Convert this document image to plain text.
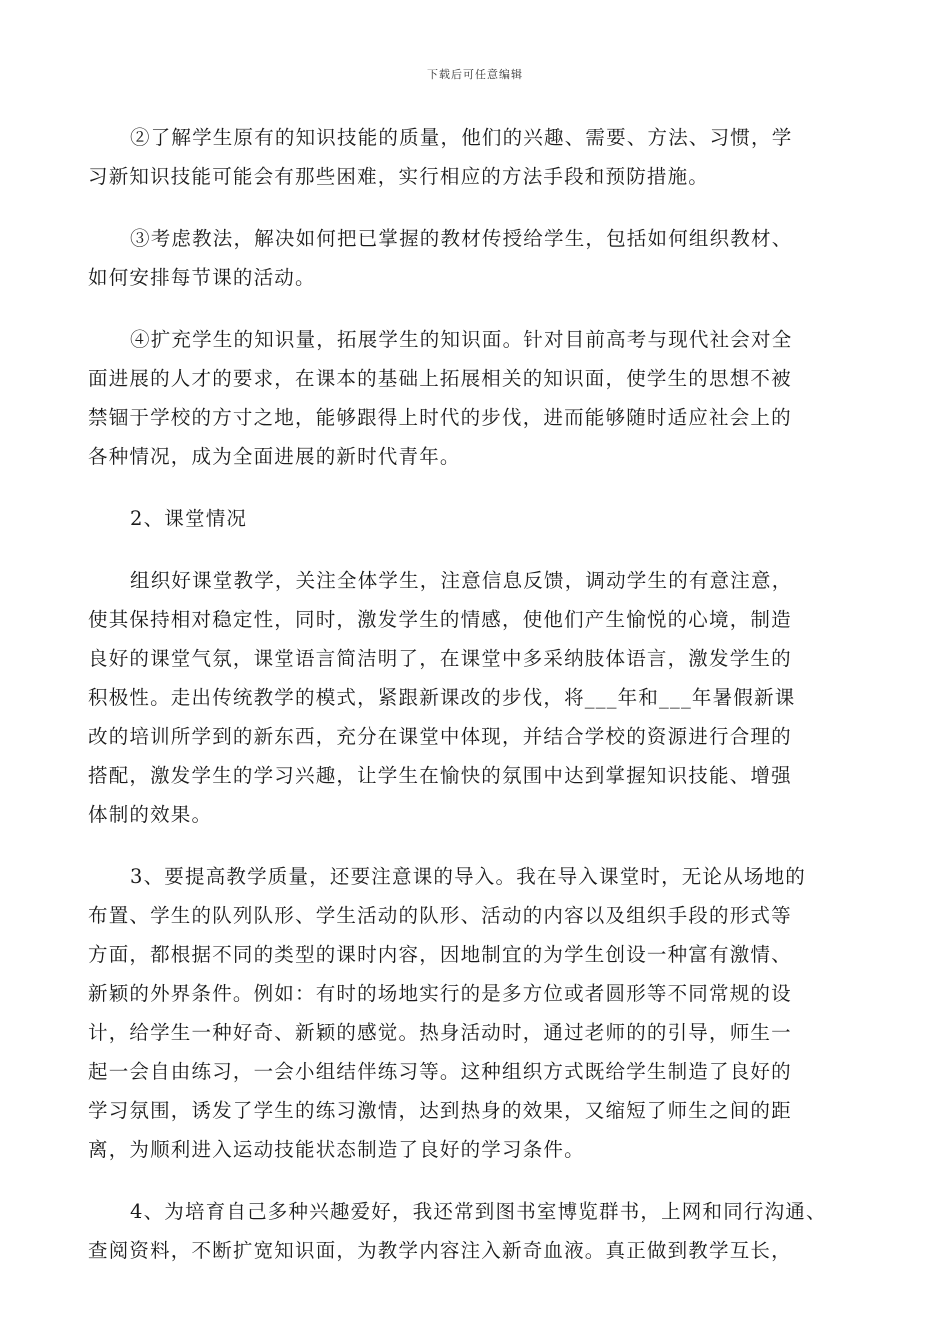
下载后可任意编辑

②了解学生原有的知识技能的质量，他们的兴趣、需要、方法、习惯，学
习新知识技能可能会有那些困难，实行相应的方法手段和预防措施。

③考虑教法，解决如何把已掌握的教材传授给学生，包括如何组织教材、
如何安排每节课的活动。

④扩充学生的知识量，拓展学生的知识面。针对目前高考与现代社会对全
面进展的人才的要求，在课本的基础上拓展相关的知识面，使学生的思想不被
禁锢于学校的方寸之地，能够跟得上时代的步伐，进而能够随时适应社会上的
各种情况，成为全面进展的新时代青年。

2、课堂情况

组织好课堂教学，关注全体学生，注意信息反馈，调动学生的有意注意，
使其保持相对稳定性，同时，激发学生的情感，使他们产生愉悦的心境，制造
良好的课堂气氛，课堂语言简洁明了，在课堂中多采纳肢体语言，激发学生的
积极性。走出传统教学的模式，紧跟新课改的步伐，将___年和___年暑假新课
改的培训所学到的新东西，充分在课堂中体现，并结合学校的资源进行合理的
搭配，激发学生的学习兴趣，让学生在愉快的氛围中达到掌握知识技能、增强
体制的效果。

3、要提高教学质量，还要注意课的导入。我在导入课堂时，无论从场地的
布置、学生的队列队形、学生活动的队形、活动的内容以及组织手段的形式等
方面，都根据不同的类型的课时内容，因地制宜的为学生创设一种富有激情、
新颖的外界条件。例如：有时的场地实行的是多方位或者圆形等不同常规的设
计，给学生一种好奇、新颖的感觉。热身活动时，通过老师的的引导，师生一
起一会自由练习，一会小组结伴练习等。这种组织方式既给学生制造了良好的
学习氛围，诱发了学生的练习激情，达到热身的效果，又缩短了师生之间的距
离，为顺利进入运动技能状态制造了良好的学习条件。

4、为培育自己多种兴趣爱好，我还常到图书室博览群书，上网和同行沟通、
查阅资料，不断扩宽知识面，为教学内容注入新奇血液。真正做到教学互长，
